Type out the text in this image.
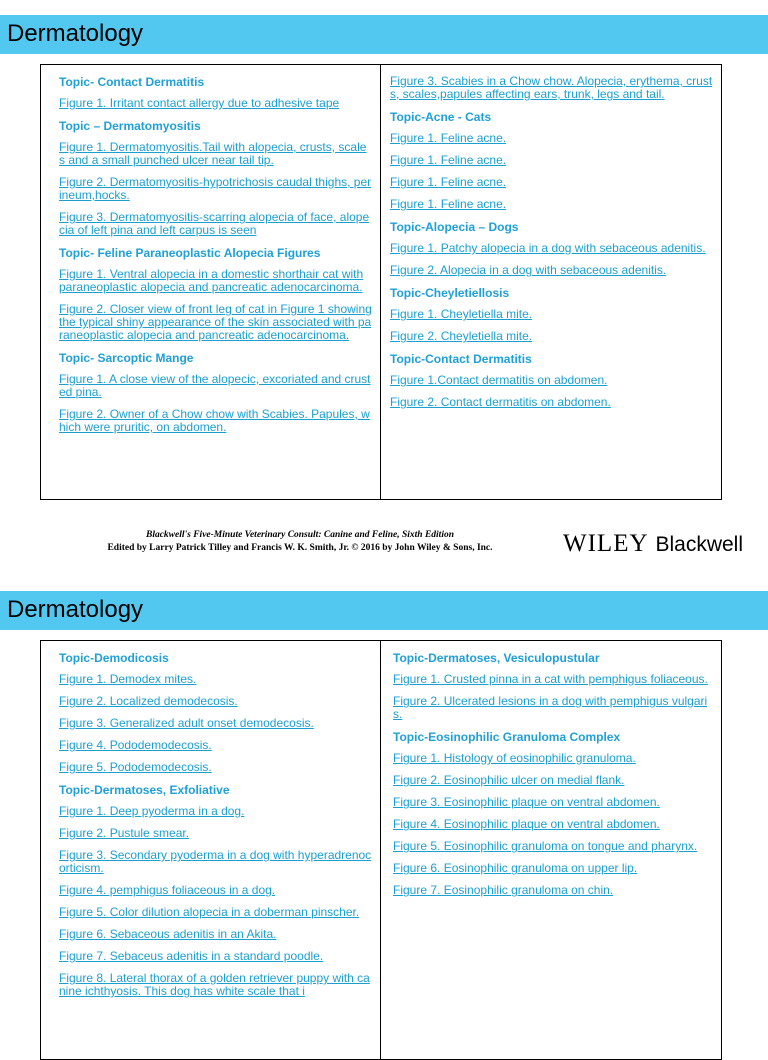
Dermatology
Topic- Contact Dermatitis
Figure 1. Irritant contact allergy due to adhesive tape
Topic – Dermatomyositis
Figure 1. Dermatomyositis.Tail with alopecia, crusts, scales and a small punched ulcer near tail tip.
Figure 2. Dermatomyositis-hypotrichosis caudal thighs, perineum,hocks.
Figure 3. Dermatomyositis-scarring alopecia of face, alopecia of left pina and left carpus is seen
Topic- Feline Paraneoplastic Alopecia Figures
Figure 1. Ventral alopecia in a domestic shorthair cat with paraneoplastic alopecia and pancreatic adenocarcinoma.
Figure 2. Closer view of front leg of cat in Figure 1 showing the typical shiny appearance of the skin associated with paraneoplastic alopecia and pancreatic adenocarcinoma.
Topic- Sarcoptic Mange
Figure 1. A close view of the alopecic, excoriated and crusted pina.
Figure 2. Owner of a Chow chow with Scabies. Papules, which were pruritic, on abdomen.
Figure 3. Scabies in a Chow chow. Alopecia, erythema, crusts, scales,papules affecting ears, trunk, legs and tail.
Topic-Acne - Cats
Figure 1. Feline acne.
Figure 1. Feline acne.
Figure 1. Feline acne.
Figure 1. Feline acne.
Topic-Alopecia – Dogs
Figure 1. Patchy alopecia in a dog with sebaceous adenitis.
Figure 2. Alopecia in a dog with sebaceous adenitis.
Topic-Cheyletiellosis
Figure 1. Cheyletiella mite.
Figure 2. Cheyletiella mite.
Topic-Contact Dermatitis
Figure 1.Contact dermatitis on abdomen.
Figure 2. Contact dermatitis on abdomen.
Blackwell's Five-Minute Veterinary Consult: Canine and Feline, Sixth Edition
Edited by Larry Patrick Tilley and Francis W. K. Smith, Jr. © 2016 by John Wiley & Sons, Inc.	WILEY Blackwell
Dermatology
Topic-Demodicosis
Figure 1. Demodex mites.
Figure 2. Localized demodecosis.
Figure 3. Generalized adult onset demodecosis.
Figure 4. Pododemodecosis.
Figure 5. Pododemodecosis.
Topic-Dermatoses, Exfoliative
Figure 1. Deep pyoderma in a dog.
Figure 2. Pustule smear.
Figure 3. Secondary pyoderma in a dog with hyperadrenocorticism.
Figure 4. pemphigus foliaceous in a dog.
Figure 5. Color dilution alopecia in a doberman pinscher.
Figure 6. Sebaceous adenitis in an Akita.
Figure 7. Sebaceus adenitis in a standard poodle.
Figure 8. Lateral thorax of a golden retriever puppy with canine ichthyosis. This dog has white scale that i
Topic-Dermatoses, Vesiculopustular
Figure 1. Crusted pinna in a cat with pemphigus foliaceous.
Figure 2. Ulcerated lesions in a dog with pemphigus vulgaris.
Topic-Eosinophilic Granuloma Complex
Figure 1. Histology of eosinophilic granuloma.
Figure 2. Eosinophilic ulcer on medial flank.
Figure 3. Eosinophilic plaque on ventral abdomen.
Figure 4. Eosinophilic plaque on ventral abdomen.
Figure 5. Eosinophilic granuloma on tongue and pharynx.
Figure 6. Eosinophilic granuloma on upper lip.
Figure 7. Eosinophilic granuloma on chin.
